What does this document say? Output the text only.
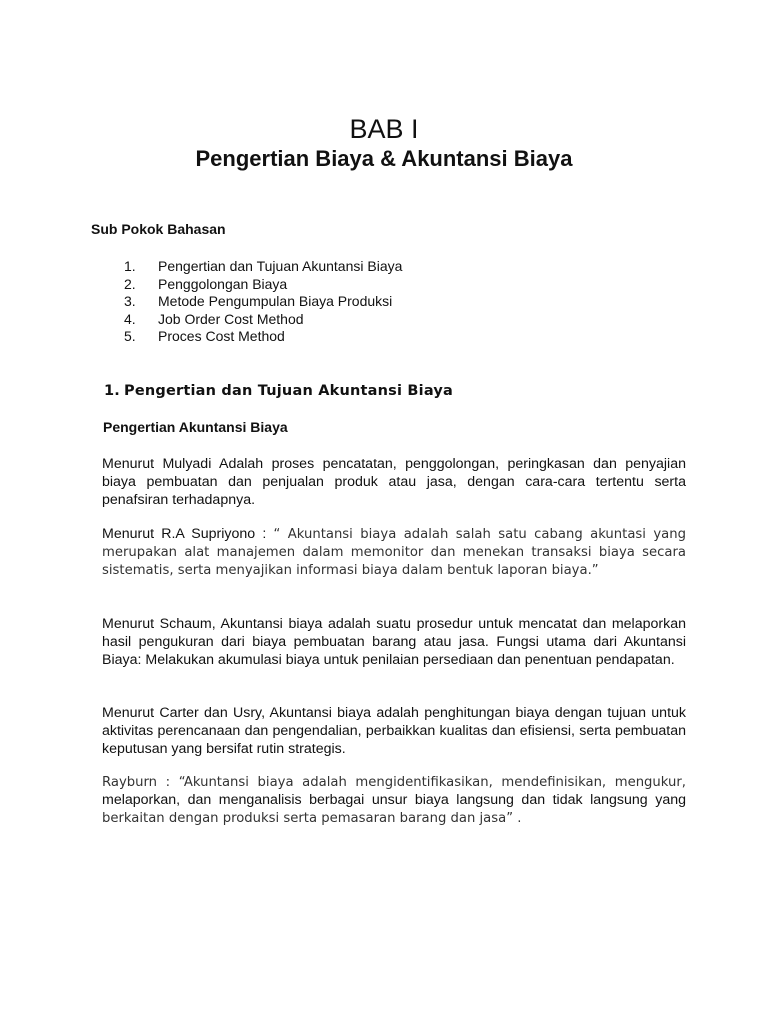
BAB I
Pengertian Biaya & Akuntansi Biaya
Sub Pokok Bahasan
1.	Pengertian dan Tujuan Akuntansi Biaya
2.	Penggolongan Biaya
3.	Metode Pengumpulan Biaya Produksi
4.	Job Order Cost Method
5.	Proces Cost Method
1. Pengertian dan Tujuan Akuntansi Biaya
Pengertian Akuntansi Biaya

Menurut Mulyadi Adalah proses pencatatan, penggolongan, peringkasan dan penyajian biaya pembuatan dan penjualan produk atau jasa, dengan cara-cara tertentu serta penafsiran terhadapnya.

Menurut R.A Supriyono : “ Akuntansi biaya adalah salah satu cabang akuntasi yang merupakan alat manajemen dalam memonitor dan menekan transaksi biaya secara sistematis, serta menyajikan informasi biaya dalam bentuk laporan biaya.”

Menurut Schaum, Akuntansi biaya adalah suatu prosedur untuk mencatat dan melaporkan hasil pengukuran dari biaya pembuatan barang atau jasa. Fungsi utama dari Akuntansi Biaya: Melakukan akumulasi biaya untuk penilaian persediaan dan penentuan pendapatan.

Menurut Carter dan Usry, Akuntansi biaya adalah penghitungan biaya dengan tujuan untuk aktivitas perencanaan dan pengendalian, perbaikkan kualitas dan efisiensi, serta pembuatan keputusan yang bersifat rutin strategis.

Rayburn : “Akuntansi biaya adalah mengidentifikasikan, mendefinisikan, mengukur, melaporkan, dan menganalisis berbagai unsur biaya langsung dan tidak langsung yang berkaitan dengan produksi serta pemasaran barang dan jasa” .
